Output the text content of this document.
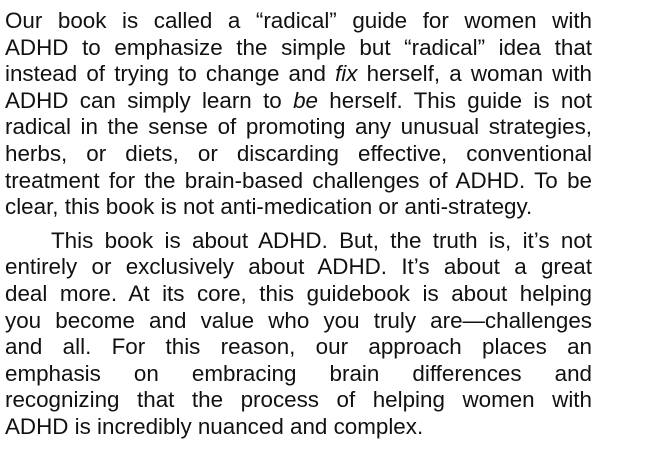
Our book is called a “radical” guide for women with
ADHD to emphasize the simple but “radical” idea that
instead of trying to change and fix herself, a woman with
ADHD can simply learn to be herself. This guide is not
radical in the sense of promoting any unusual strategies,
herbs, or diets, or discarding effective, conventional
treatment for the brain-based challenges of ADHD. To be
clear, this book is not anti-medication or anti-strategy.
This book is about ADHD. But, the truth is, it’s not
entirely or exclusively about ADHD. It’s about a great
deal more. At its core, this guidebook is about helping
you become and value who you truly are—challenges
and all. For this reason, our approach places an
emphasis on embracing brain differences and
recognizing that the process of helping women with
ADHD is incredibly nuanced and complex.
